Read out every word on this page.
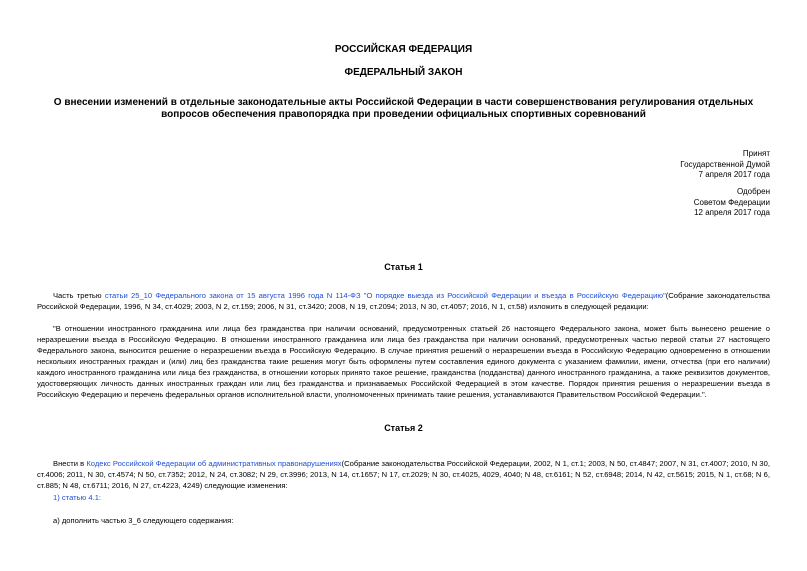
РОССИЙСКАЯ ФЕДЕРАЦИЯ
ФЕДЕРАЛЬНЫЙ ЗАКОН
О внесении изменений в отдельные законодательные акты Российской Федерации в части совершенствования регулирования отдельных вопросов обеспечения правопорядка при проведении официальных спортивных соревнований
Принят
Государственной Думой
7 апреля 2017 года
Одобрен
Советом Федерации
12 апреля 2017 года
Статья 1
Часть третью статьи 25_10 Федерального закона от 15 августа 1996 года N 114-ФЗ "О порядке выезда из Российской Федерации и въезда в Российскую Федерацию"(Собрание законодательства Российской Федерации, 1996, N 34, ст.4029; 2003, N 2, ст.159; 2006, N 31, ст.3420; 2008, N 19, ст.2094; 2013, N 30, ст.4057; 2016, N 1, ст.58) изложить в следующей редакции:
"В отношении иностранного гражданина или лица без гражданства при наличии оснований, предусмотренных статьей 26 настоящего Федерального закона, может быть вынесено решение о неразрешении въезда в Российскую Федерацию. В отношении иностранного гражданина или лица без гражданства при наличии оснований, предусмотренных частью первой статьи 27 настоящего Федерального закона, выносится решение о неразрешении въезда в Российскую Федерацию. В случае принятия решений о неразрешении въезда в Российскую Федерацию одновременно в отношении нескольких иностранных граждан и (или) лиц без гражданства такие решения могут быть оформлены путем составления единого документа с указанием фамилии, имени, отчества (при его наличии) каждого иностранного гражданина или лица без гражданства, в отношении которых принято такое решение, гражданства (подданства) данного иностранного гражданина, а также реквизитов документов, удостоверяющих личность данных иностранных граждан или лиц без гражданства и признаваемых Российской Федерацией в этом качестве. Порядок принятия решения о неразрешении въезда в Российскую Федерацию и перечень федеральных органов исполнительной власти, уполномоченных принимать такие решения, устанавливаются Правительством Российской Федерации.".
Статья 2
Внести в Кодекс Российской Федерации об административных правонарушениях(Собрание законодательства Российской Федерации, 2002, N 1, ст.1; 2003, N 50, ст.4847; 2007, N 31, ст.4007; 2010, N 30, ст.4006; 2011, N 30, ст.4574; N 50, ст.7352; 2012, N 24, ст.3082; N 29, ст.3996; 2013, N 14, ст.1657; N 17, ст.2029; N 30, ст.4025, 4029, 4040; N 48, ст.6161; N 52, ст.6948; 2014, N 42, ст.5615; 2015, N 1, ст.68; N 6, ст.885; N 48, ст.6711; 2016, N 27, ст.4223, 4249) следующие изменения:
1) статью 4.1:
а) дополнить частью 3_6 следующего содержания:
